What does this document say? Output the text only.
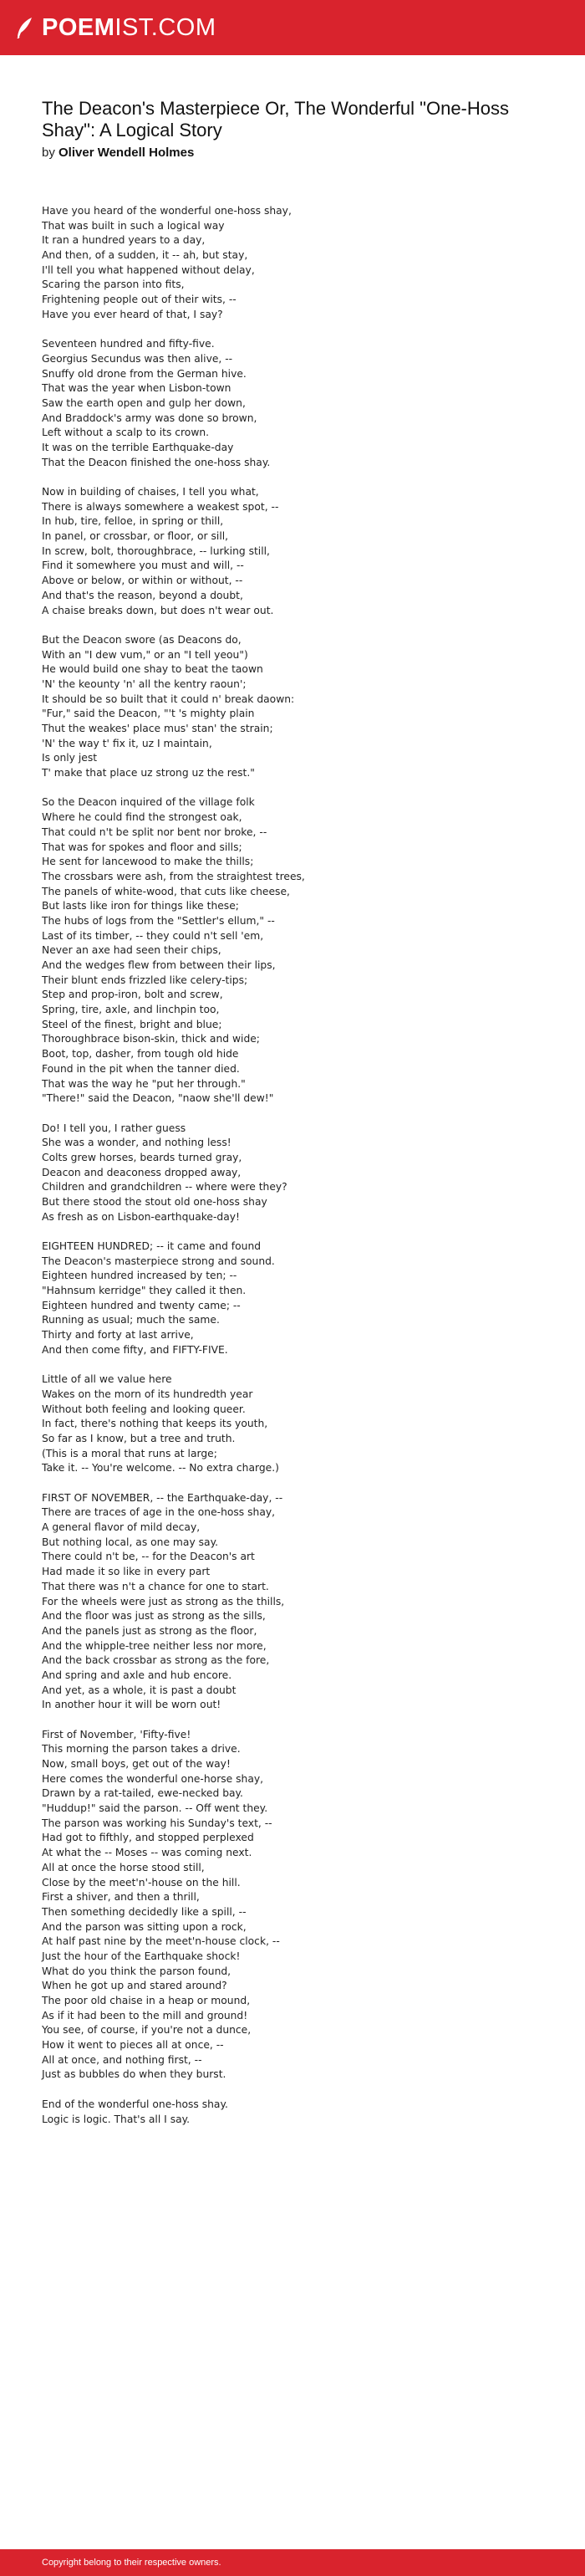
POEMIST.COM
The Deacon's Masterpiece Or, The Wonderful "One-Hoss Shay": A Logical Story
by Oliver Wendell Holmes
Have you heard of the wonderful one-hoss shay,
That was built in such a logical way
It ran a hundred years to a day,
And then, of a sudden, it -- ah, but stay,
I'll tell you what happened without delay,
Scaring the parson into fits,
Frightening people out of their wits, --
Have you ever heard of that, I say?
Seventeen hundred and fifty-five.
Georgius Secundus was then alive, --
Snuffy old drone from the German hive.
That was the year when Lisbon-town
Saw the earth open and gulp her down,
And Braddock's army was done so brown,
Left without a scalp to its crown.
It was on the terrible Earthquake-day
That the Deacon finished the one-hoss shay.
Now in building of chaises, I tell you what,
There is always somewhere a weakest spot, --
In hub, tire, felloe, in spring or thill,
In panel, or crossbar, or floor, or sill,
In screw, bolt, thoroughbrace, -- lurking still,
Find it somewhere you must and will, --
Above or below, or within or without, --
And that's the reason, beyond a doubt,
A chaise breaks down, but does n't wear out.
But the Deacon swore (as Deacons do,
With an "I dew vum," or an "I tell yeou")
He would build one shay to beat the taown
'N' the keounty 'n' all the kentry raoun';
It should be so built that it could n' break daown:
"Fur," said the Deacon, "'t 's mighty plain
Thut the weakes' place mus' stan' the strain;
'N' the way t' fix it, uz I maintain,
Is only jest
T' make that place uz strong uz the rest."
So the Deacon inquired of the village folk
Where he could find the strongest oak,
That could n't be split nor bent nor broke, --
That was for spokes and floor and sills;
He sent for lancewood to make the thills;
The crossbars were ash, from the straightest trees,
The panels of white-wood, that cuts like cheese,
But lasts like iron for things like these;
The hubs of logs from the "Settler's ellum," --
Last of its timber, -- they could n't sell 'em,
Never an axe had seen their chips,
And the wedges flew from between their lips,
Their blunt ends frizzled like celery-tips;
Step and prop-iron, bolt and screw,
Spring, tire, axle, and linchpin too,
Steel of the finest, bright and blue;
Thoroughbrace bison-skin, thick and wide;
Boot, top, dasher, from tough old hide
Found in the pit when the tanner died.
That was the way he "put her through."
"There!" said the Deacon, "naow she'll dew!"
Do! I tell you, I rather guess
She was a wonder, and nothing less!
Colts grew horses, beards turned gray,
Deacon and deaconess dropped away,
Children and grandchildren -- where were they?
But there stood the stout old one-hoss shay
As fresh as on Lisbon-earthquake-day!
EIGHTEEN HUNDRED; -- it came and found
The Deacon's masterpiece strong and sound.
Eighteen hundred increased by ten; --
"Hahnsum kerridge" they called it then.
Eighteen hundred and twenty came; --
Running as usual; much the same.
Thirty and forty at last arrive,
And then come fifty, and FIFTY-FIVE.
Little of all we value here
Wakes on the morn of its hundredth year
Without both feeling and looking queer.
In fact, there's nothing that keeps its youth,
So far as I know, but a tree and truth.
(This is a moral that runs at large;
Take it. -- You're welcome. -- No extra charge.)
FIRST OF NOVEMBER, -- the Earthquake-day, --
There are traces of age in the one-hoss shay,
A general flavor of mild decay,
But nothing local, as one may say.
There could n't be, -- for the Deacon's art
Had made it so like in every part
That there was n't a chance for one to start.
For the wheels were just as strong as the thills,
And the floor was just as strong as the sills,
And the panels just as strong as the floor,
And the whipple-tree neither less nor more,
And the back crossbar as strong as the fore,
And spring and axle and hub encore.
And yet, as a whole, it is past a doubt
In another hour it will be worn out!
First of November, 'Fifty-five!
This morning the parson takes a drive.
Now, small boys, get out of the way!
Here comes the wonderful one-horse shay,
Drawn by a rat-tailed, ewe-necked bay.
"Huddup!" said the parson. -- Off went they.
The parson was working his Sunday's text, --
Had got to fifthly, and stopped perplexed
At what the -- Moses -- was coming next.
All at once the horse stood still,
Close by the meet'n'-house on the hill.
First a shiver, and then a thrill,
Then something decidedly like a spill, --
And the parson was sitting upon a rock,
At half past nine by the meet'n-house clock, --
Just the hour of the Earthquake shock!
What do you think the parson found,
When he got up and stared around?
The poor old chaise in a heap or mound,
As if it had been to the mill and ground!
You see, of course, if you're not a dunce,
How it went to pieces all at once, --
All at once, and nothing first, --
Just as bubbles do when they burst.
End of the wonderful one-hoss shay.
Logic is logic. That's all I say.
Copyright belong to their respective owners.
